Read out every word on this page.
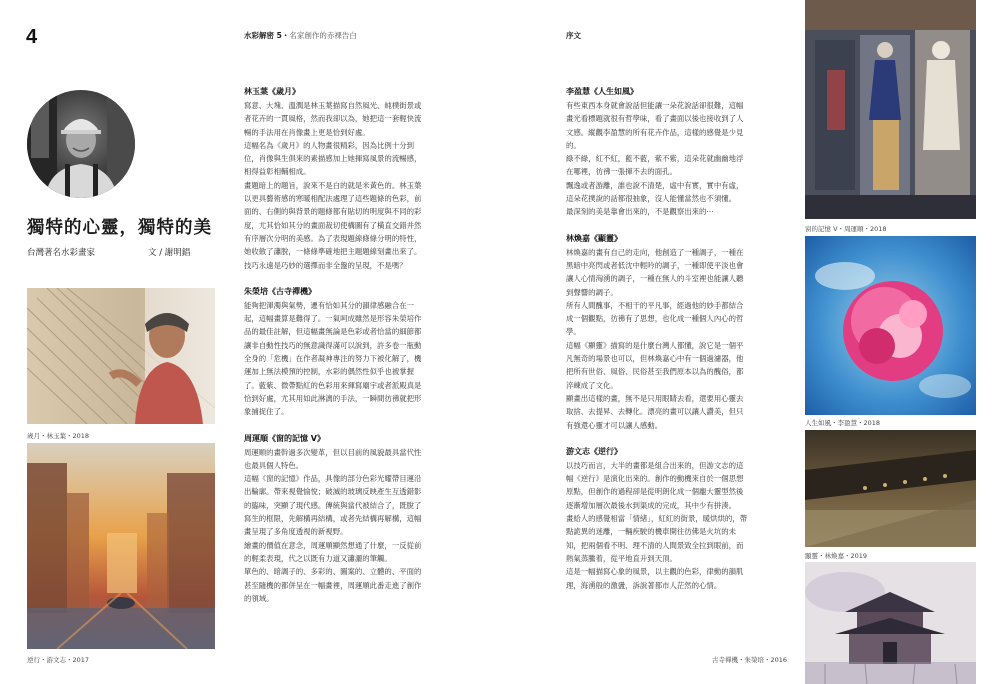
4	水彩解密 5・名家創作的赤裸告白	序文
獨特的心靈，獨特的美
台灣著名水彩畫家	文 / 謝明錩
歲月・林玉葉・2018
逆行・游文志・2017
林玉葉《歲月》

寫意、大塊、溫潤是林玉葉描寫自然風光、純樸街景或者花卉的一貫風格，然而我卻以為，她把這一套輕快流暢的手法用在肖像畫上更是恰到好處。

這幅名為《歲月》的人物畫很精彩，因為比例十分到位，肖像與生俱來的素描感加上她揮寫風景的流暢感，相得益彰相輔相成。

畫題暗上的題旨，說來不是白的就是米黃色的。林玉葉以更具藝術感的寒暖相配法處理了這些題條的色彩，前面的、右側的與背景的題條都有貼切的明度與不同的彩度，尤其恰如其分的畫面裁切使構圖有了橫直交錯并然有序層次分明的美感。為了表現題線條條分明的特性，她收斂了瀟脫，一條條準確地把主題題線刻畫出來了。

技巧永遠是巧妙的選擇而非全盤的呈現，不是嗎？

朱榮培《古寺禪機》

能夠把渾濁與氣勢，遷有恰如其分的韻律感融合在一起，這幅畫算是難得了。一氣呵成雖然是形容朱榮培作品的最佳註解，但這幅畫無論是色彩或者恰當的細節都讓非自動性技巧的無意識得滿可以說到，許多卷一瓶動全身的「危機」在作者凝神專注的努力下被化解了，機運加上無法模預的控制，水彩的偶然性似乎也被掌握了。藍紫、微帶點紅的色彩用來揮寫廟宇或者派殿真是恰到好處，尤其用如此淋漓的手法，一瞬間彷彿就把形象捕捉住了。

周運順《窗的記憶 V》

周運順的畫幹過多次變革，但以目前的風貌最具當代性也最具個人特色。

這幅《窗的記憶》作品，具像的部分色彩光耀帶目運沿出輪廓。帶來視覺愉悅；破滅的玻璃反映產生互透錯影的臨味，突顯了現代感。傳統與當代被結合了，既脫了寫生的框限，先解構再結構，或者先結構再解構，這幅畫呈現了多角度透視的新視野。

繪畫的價值在意念，周運順顯然想通了什麼，一反從前的輕柔表現，代之以既有力道又瀟灑的筆觸。

單色的、暗調子的、多彩的、圖案的、立體的、平面的甚至隨機的都併呈在一幅畫裡，周運順此番走進了創作的領域。

李盈慧《人生如風》

有些東西本身就會說話但能讓一朵花說話卻很難，這幅畫光看標題就很有哲學味，看了畫面以後也接收到了人文感。縱觀李盈慧的所有花卉作品，這樣的感覺是少見的。

綠不綠，紅不紅，藍不藍，紫不紫，這朵花就幽幽地浮在哪裡，彷彿一張揮不去的面孔。

飄逸或者游離，誰也說不清楚，虛中有實，實中有虛，這朵花撲說的話都很抽象，沒人能懂當然也不須懂。

最深刻的美是靠會出來的，不是觀察出來的⋯

林煥嘉《顯靈》

林煥嘉的畫有自己的走向，他創造了一種調子，一種在黑暗中亮閃或者低沈中輕吟的調子，一種即使平淡也會讓人心情洶湧的調子，一種在無人的斗室裡也能讓人聽到聲響的調子。

所有人間醜事，不相干的平凡事，經過他的妙手都結合成一個觀點，彷彿有了思想，也化成一種個人內心的哲學。

這幅《顯靈》描寫的是什麼台灣人都懂，說它是一個平凡無奇的場景也可以，但林煥嘉心中有一個過濾器，他把所有世俗、風俗、民俗甚至我們原本以為的醜俗，都淬練成了文化。

顯畫出這樣的畫，無不是只用眼睛去看，還要用心靈去取捨、去提昇、去轉化。漂亮的畫可以讓人讚美，但只有強還心靈才可以讓人感動。

游文志《逆行》

以技巧而言，大半的畫都是組合出來的，但游文志的這幅《逆行》是演化出來的。創作的動機來自於一個思想原點，但創作的過程卻是從明朗化成一個龐大靈型然後逐漸增加層次最後水到渠成的完成，其中少有拼湊。

畫給人的感覺相當「情緒」，紅紅的街景，暖烘烘的，帶點詭異的迷離，一輛疾駛的機車開往彷佛是火坑的未知，把兩個看不明、理不清的人間景致全拉到眼前，而熱氣蒸騰着，從平地直升到天頂。

這是一幅描寫心象的風景，以主觀的色彩，律動的韻肌理，海湧般的激盪，訴說著都市人茫然的心情。

古寺禪機・朱榮培・2016
窗的記憶 V・周運順・2018
人生如風・李盈慧・2018
顯靈・林煥嘉・2019
